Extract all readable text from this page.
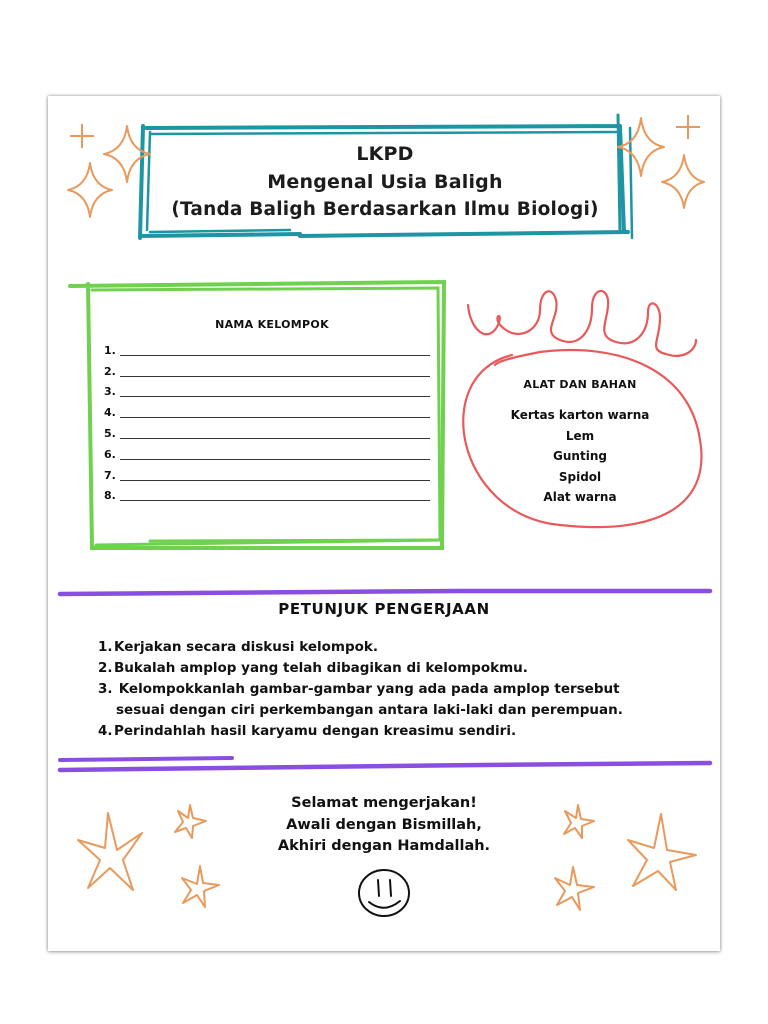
LKPD
Mengenal Usia Baligh
(Tanda Baligh Berdasarkan Ilmu Biologi)
NAMA KELOMPOK
1.
2.
3.
4.
5.
6.
7.
8.
ALAT DAN BAHAN
Kertas karton warna
Lem
Gunting
Spidol
Alat warna
PETUNJUK PENGERJAAN
1.Kerjakan secara diskusi kelompok.
2.Bukalah amplop yang telah dibagikan di kelompokmu.
3. Kelompokkanlah gambar-gambar yang ada pada amplop tersebut
sesuai dengan ciri perkembangan antara laki-laki dan perempuan.
4.Perindahlah hasil karyamu dengan kreasimu sendiri.
Selamat mengerjakan!
Awali dengan Bismillah,
Akhiri dengan Hamdallah.
